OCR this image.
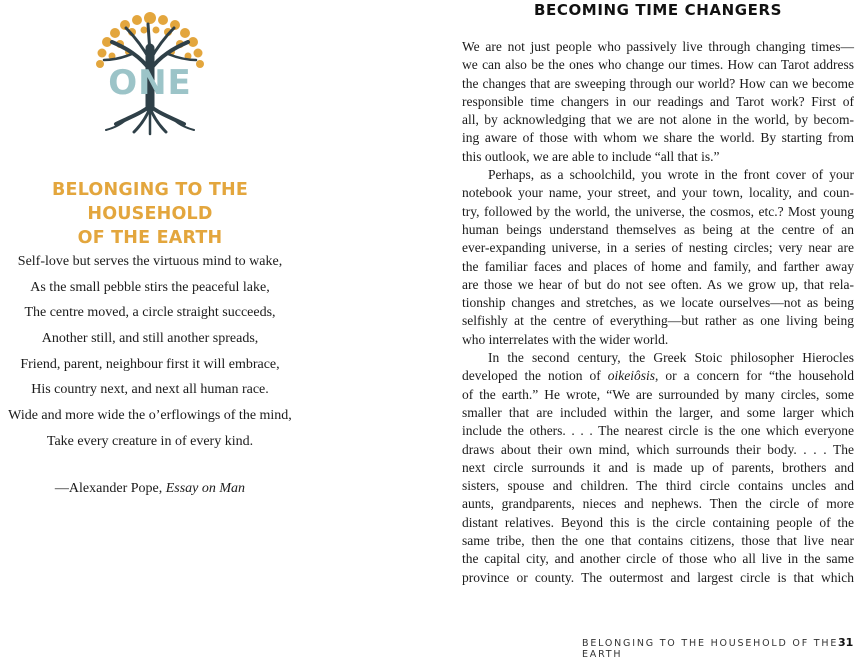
ONE
BELONGING TO THE HOUSEHOLD
OF THE EARTH
Self-love but serves the virtuous mind to wake,
As the small pebble stirs the peaceful lake,
The centre moved, a circle straight succeeds,
Another still, and still another spreads,
Friend, parent, neighbour first it will embrace,
His country next, and next all human race.
Wide and more wide the o’erflowings of the mind,
Take every creature in of every kind.
—Alexander Pope, Essay on Man
BECOMING TIME CHANGERS
We are not just people who passively live through changing times—
we can also be the ones who change our times. How can Tarot address
the changes that are sweeping through our world? How can we become
responsible time changers in our readings and Tarot work? First of
all, by acknowledging that we are not alone in the world, by becom-
ing aware of those with whom we share the world. By starting from
this outlook, we are able to include “all that is.”
Perhaps, as a schoolchild, you wrote in the front cover of your
notebook your name, your street, and your town, locality, and coun-
try, followed by the world, the universe, the cosmos, etc.? Most young
human beings understand themselves as being at the centre of an
ever-expanding universe, in a series of nesting circles; very near are
the familiar faces and places of home and family, and farther away
are those we hear of but do not see often. As we grow up, that rela-
tionship changes and stretches, as we locate ourselves—not as being
selfishly at the centre of everything—but rather as one living being
who interrelates with the wider world.
In the second century, the Greek Stoic philosopher Hierocles
developed the notion of oikeiôsis, or a concern for “the household
of the earth.” He wrote, “We are surrounded by many circles, some
smaller that are included within the larger, and some larger which
include the others. . . . The nearest circle is the one which everyone
draws about their own mind, which surrounds their body. . . . The
next circle surrounds it and is made up of parents, brothers and
sisters, spouse and children. The third circle contains uncles and
aunts, grandparents, nieces and nephews. Then the circle of more
distant relatives. Beyond this is the circle containing people of the
same tribe, then the one that contains citizens, those that live near
the capital city, and another circle of those who all live in the same
province or county. The outermost and largest circle is that which
BELONGING TO THE HOUSEHOLD OF THE EARTH
31
